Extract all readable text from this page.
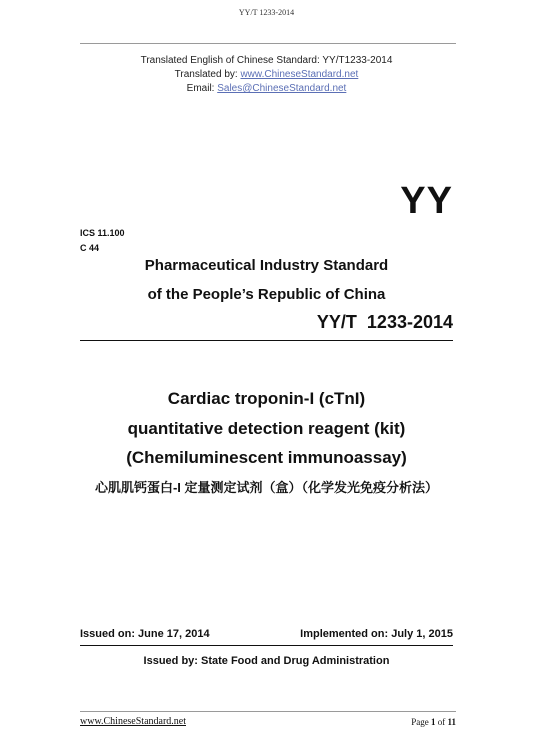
YY/T 1233-2014
Translated English of Chinese Standard: YY/T1233-2014
Translated by: www.ChineseStandard.net
Email: Sales@ChineseStandard.net
YY
ICS 11.100
C 44
Pharmaceutical Industry Standard
of the People’s Republic of China
YY/T  1233-2014
Cardiac troponin-I (cTnI)
quantitative detection reagent (kit)
(Chemiluminescent immunoassay)
心肌肌钙蛋白-I 定量测定试剂（盒）（化学发光免疫分析法）
Issued on: June 17, 2014	Implemented on: July 1, 2015
Issued by: State Food and Drug Administration
www.ChineseStandard.net	Page 1 of 11
